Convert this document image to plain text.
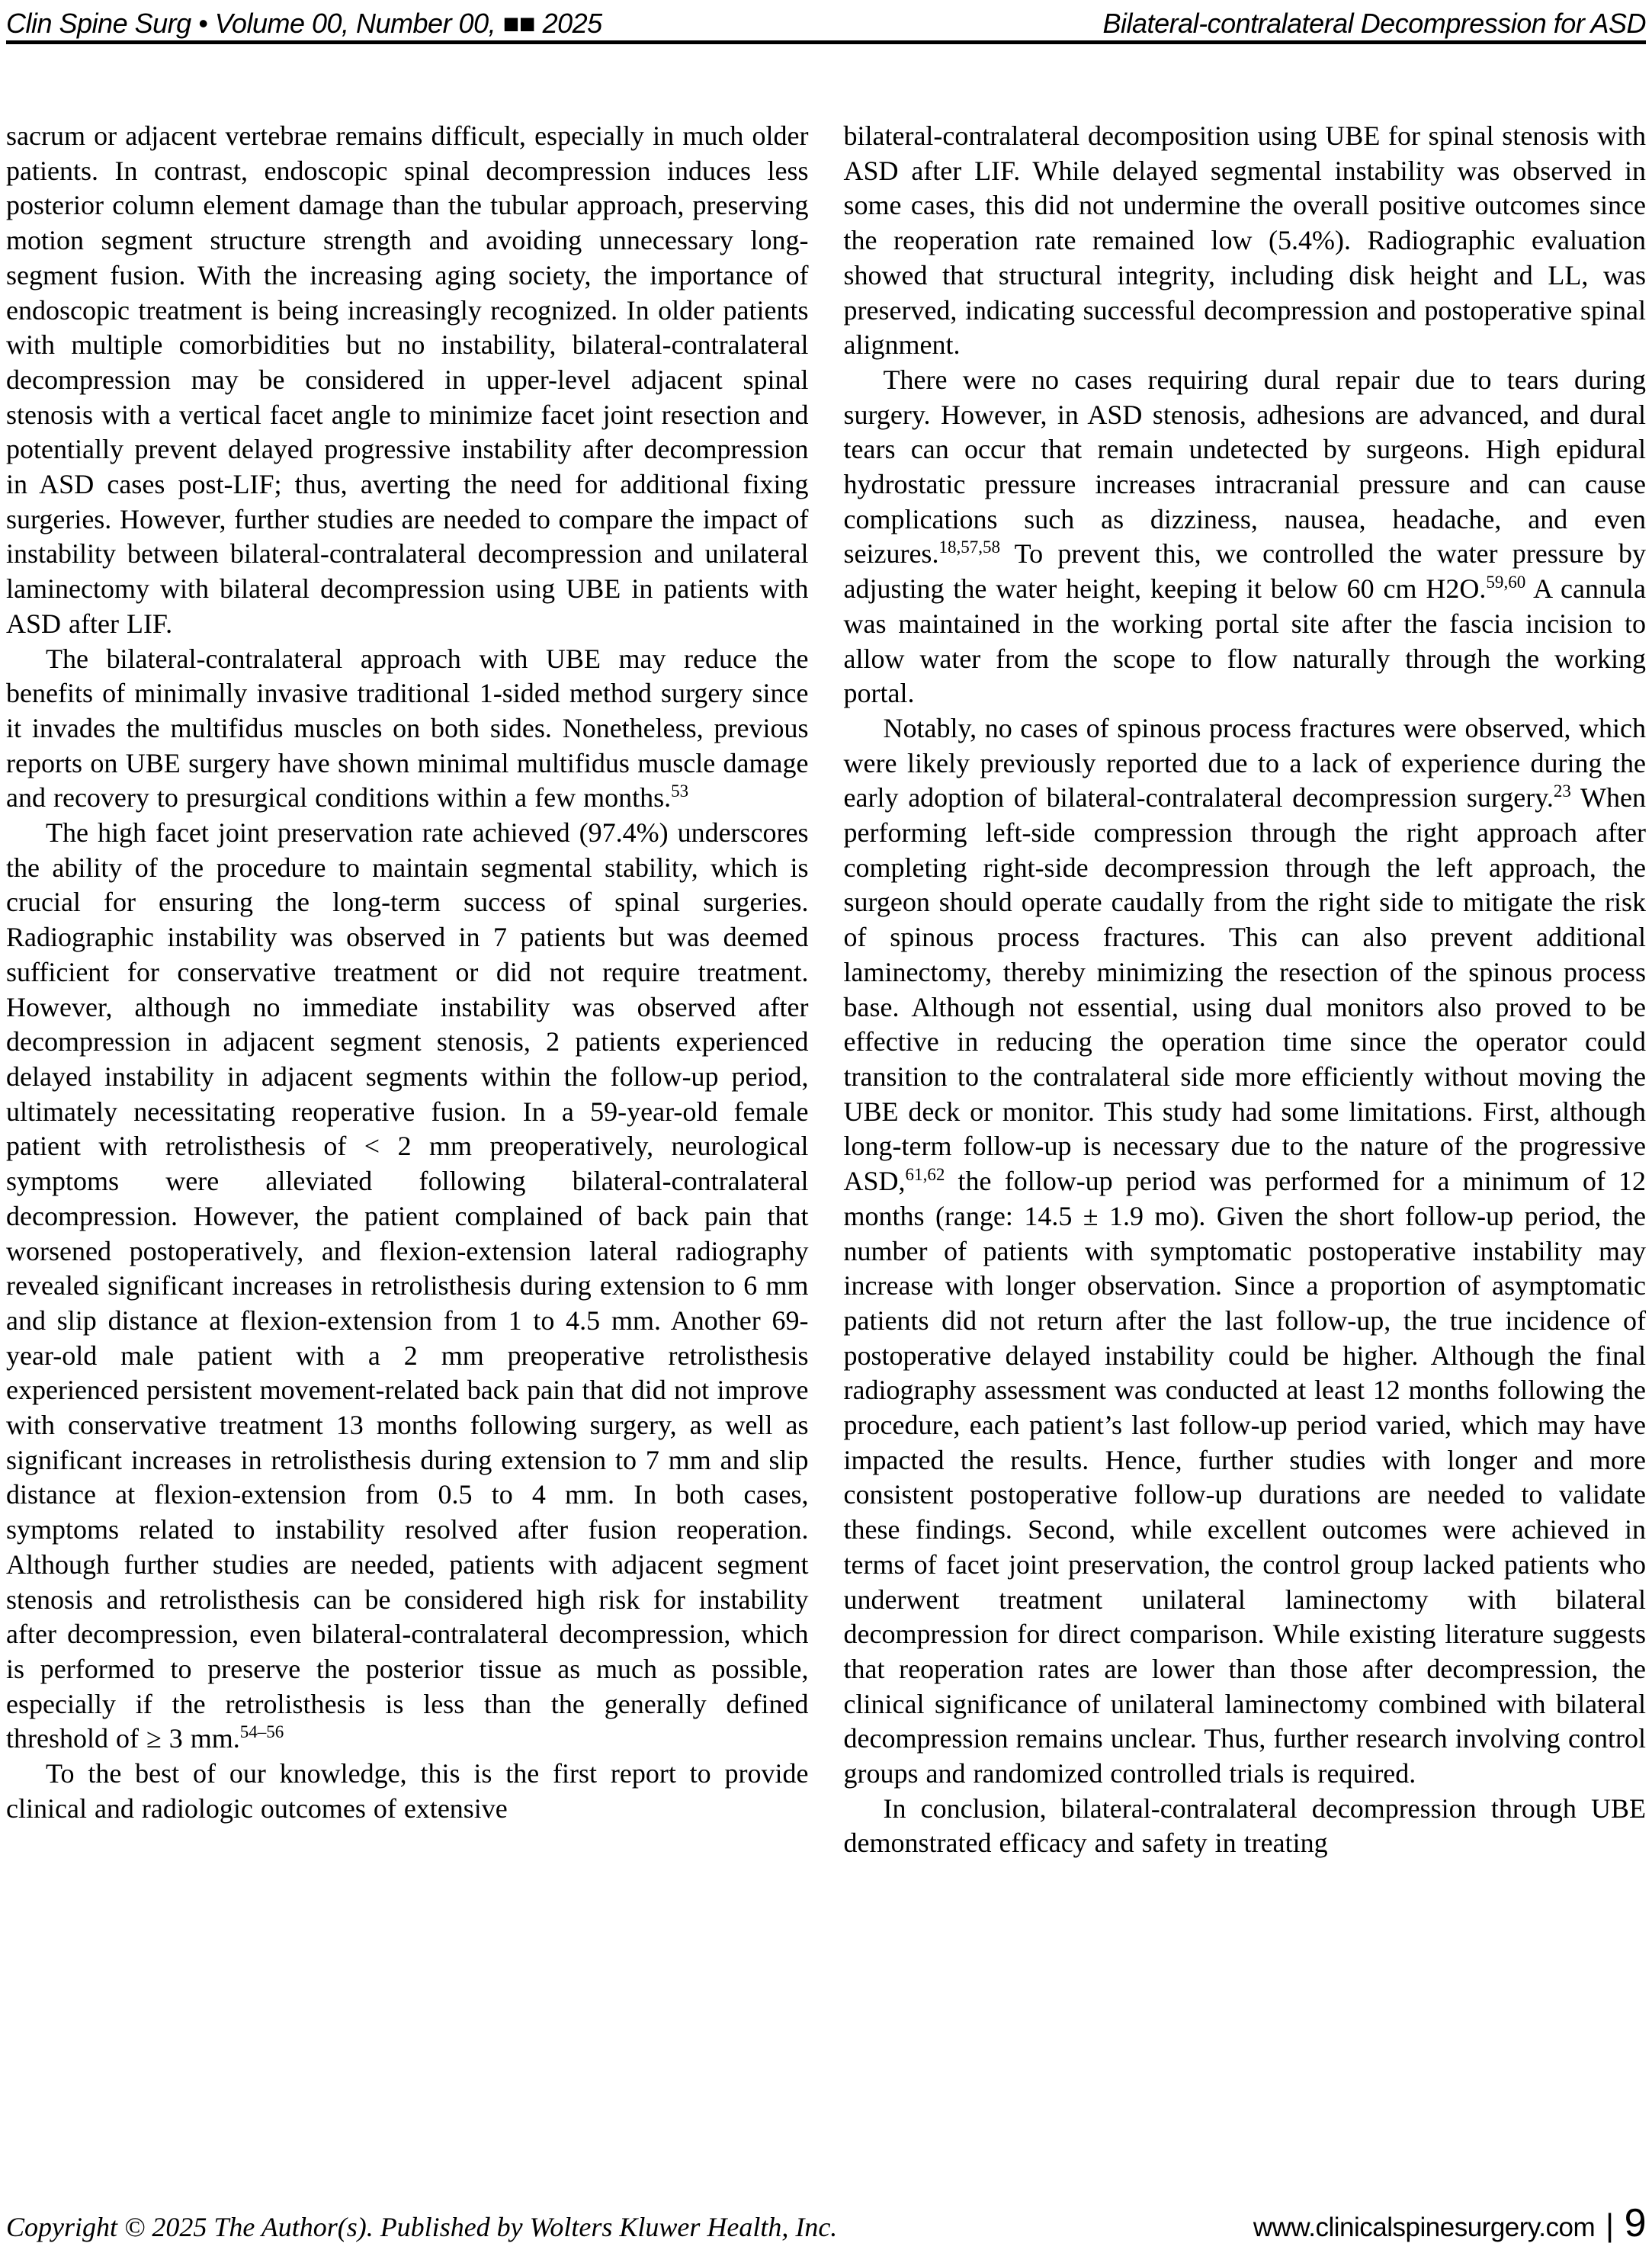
Clin Spine Surg • Volume 00, Number 00, ■■ 2025	Bilateral-contralateral Decompression for ASD

sacrum or adjacent vertebrae remains difficult, especially in much older patients. In contrast, endoscopic spinal decompression induces less posterior column element damage than the tubular approach, preserving motion segment structure strength and avoiding unnecessary long-segment fusion. With the increasing aging society, the importance of endoscopic treatment is being increasingly recognized. In older patients with multiple comorbidities but no instability, bilateral-contralateral decompression may be considered in upper-level adjacent spinal stenosis with a vertical facet angle to minimize facet joint resection and potentially prevent delayed progressive instability after decompression in ASD cases post-LIF; thus, averting the need for additional fixing surgeries. However, further studies are needed to compare the impact of instability between bilateral-contralateral decompression and unilateral laminectomy with bilateral decompression using UBE in patients with ASD after LIF.

The bilateral-contralateral approach with UBE may reduce the benefits of minimally invasive traditional 1-sided method surgery since it invades the multifidus muscles on both sides. Nonetheless, previous reports on UBE surgery have shown minimal multifidus muscle damage and recovery to presurgical conditions within a few months.$^{53}$

The high facet joint preservation rate achieved (97.4%) underscores the ability of the procedure to maintain segmental stability, which is crucial for ensuring the long-term success of spinal surgeries. Radiographic instability was observed in 7 patients but was deemed sufficient for conservative treatment or did not require treatment. However, although no immediate instability was observed after decompression in adjacent segment stenosis, 2 patients experienced delayed instability in adjacent segments within the follow-up period, ultimately necessitating reoperative fusion. In a 59-year-old female patient with retrolisthesis of < 2 mm preoperatively, neurological symptoms were alleviated following bilateral-contralateral decompression. However, the patient complained of back pain that worsened postoperatively, and flexion-extension lateral radiography revealed significant increases in retrolisthesis during extension to 6 mm and slip distance at flexion-extension from 1 to 4.5 mm. Another 69-year-old male patient with a 2 mm preoperative retrolisthesis experienced persistent movement-related back pain that did not improve with conservative treatment 13 months following surgery, as well as significant increases in retrolisthesis during extension to 7 mm and slip distance at flexion-extension from 0.5 to 4 mm. In both cases, symptoms related to instability resolved after fusion reoperation. Although further studies are needed, patients with adjacent segment stenosis and retrolisthesis can be considered high risk for instability after decompression, even bilateral-contralateral decompression, which is performed to preserve the posterior tissue as much as possible, especially if the retrolisthesis is less than the generally defined threshold of ≥ 3 mm.$^{54-56}$

To the best of our knowledge, this is the first report to provide clinical and radiologic outcomes of extensive

bilateral-contralateral decomposition using UBE for spinal stenosis with ASD after LIF. While delayed segmental instability was observed in some cases, this did not undermine the overall positive outcomes since the reoperation rate remained low (5.4%). Radiographic evaluation showed that structural integrity, including disk height and LL, was preserved, indicating successful decompression and postoperative spinal alignment.

There were no cases requiring dural repair due to tears during surgery. However, in ASD stenosis, adhesions are advanced, and dural tears can occur that remain undetected by surgeons. High epidural hydrostatic pressure increases intracranial pressure and can cause complications such as dizziness, nausea, headache, and even seizures.$^{18,57,58}$ To prevent this, we controlled the water pressure by adjusting the water height, keeping it below 60 cm H2O.$^{59,60}$ A cannula was maintained in the working portal site after the fascia incision to allow water from the scope to flow naturally through the working portal.

Notably, no cases of spinous process fractures were observed, which were likely previously reported due to a lack of experience during the early adoption of bilateral-contralateral decompression surgery.$^{23}$ When performing left-side compression through the right approach after completing right-side decompression through the left approach, the surgeon should operate caudally from the right side to mitigate the risk of spinous process fractures. This can also prevent additional laminectomy, thereby minimizing the resection of the spinous process base. Although not essential, using dual monitors also proved to be effective in reducing the operation time since the operator could transition to the contralateral side more efficiently without moving the UBE deck or monitor. This study had some limitations. First, although long-term follow-up is necessary due to the nature of the progressive ASD,$^{61,62}$ the follow-up period was performed for a minimum of 12 months (range: 14.5 ± 1.9 mo). Given the short follow-up period, the number of patients with symptomatic postoperative instability may increase with longer observation. Since a proportion of asymptomatic patients did not return after the last follow-up, the true incidence of postoperative delayed instability could be higher. Although the final radiography assessment was conducted at least 12 months following the procedure, each patient’s last follow-up period varied, which may have impacted the results. Hence, further studies with longer and more consistent postoperative follow-up durations are needed to validate these findings. Second, while excellent outcomes were achieved in terms of facet joint preservation, the control group lacked patients who underwent treatment unilateral laminectomy with bilateral decompression for direct comparison. While existing literature suggests that reoperation rates are lower than those after decompression, the clinical significance of unilateral laminectomy combined with bilateral decompression remains unclear. Thus, further research involving control groups and randomized controlled trials is required.

In conclusion, bilateral-contralateral decompression through UBE demonstrated efficacy and safety in treating

Copyright © 2025 The Author(s). Published by Wolters Kluwer Health, Inc.	www.clinicalspinesurgery.com | 9
